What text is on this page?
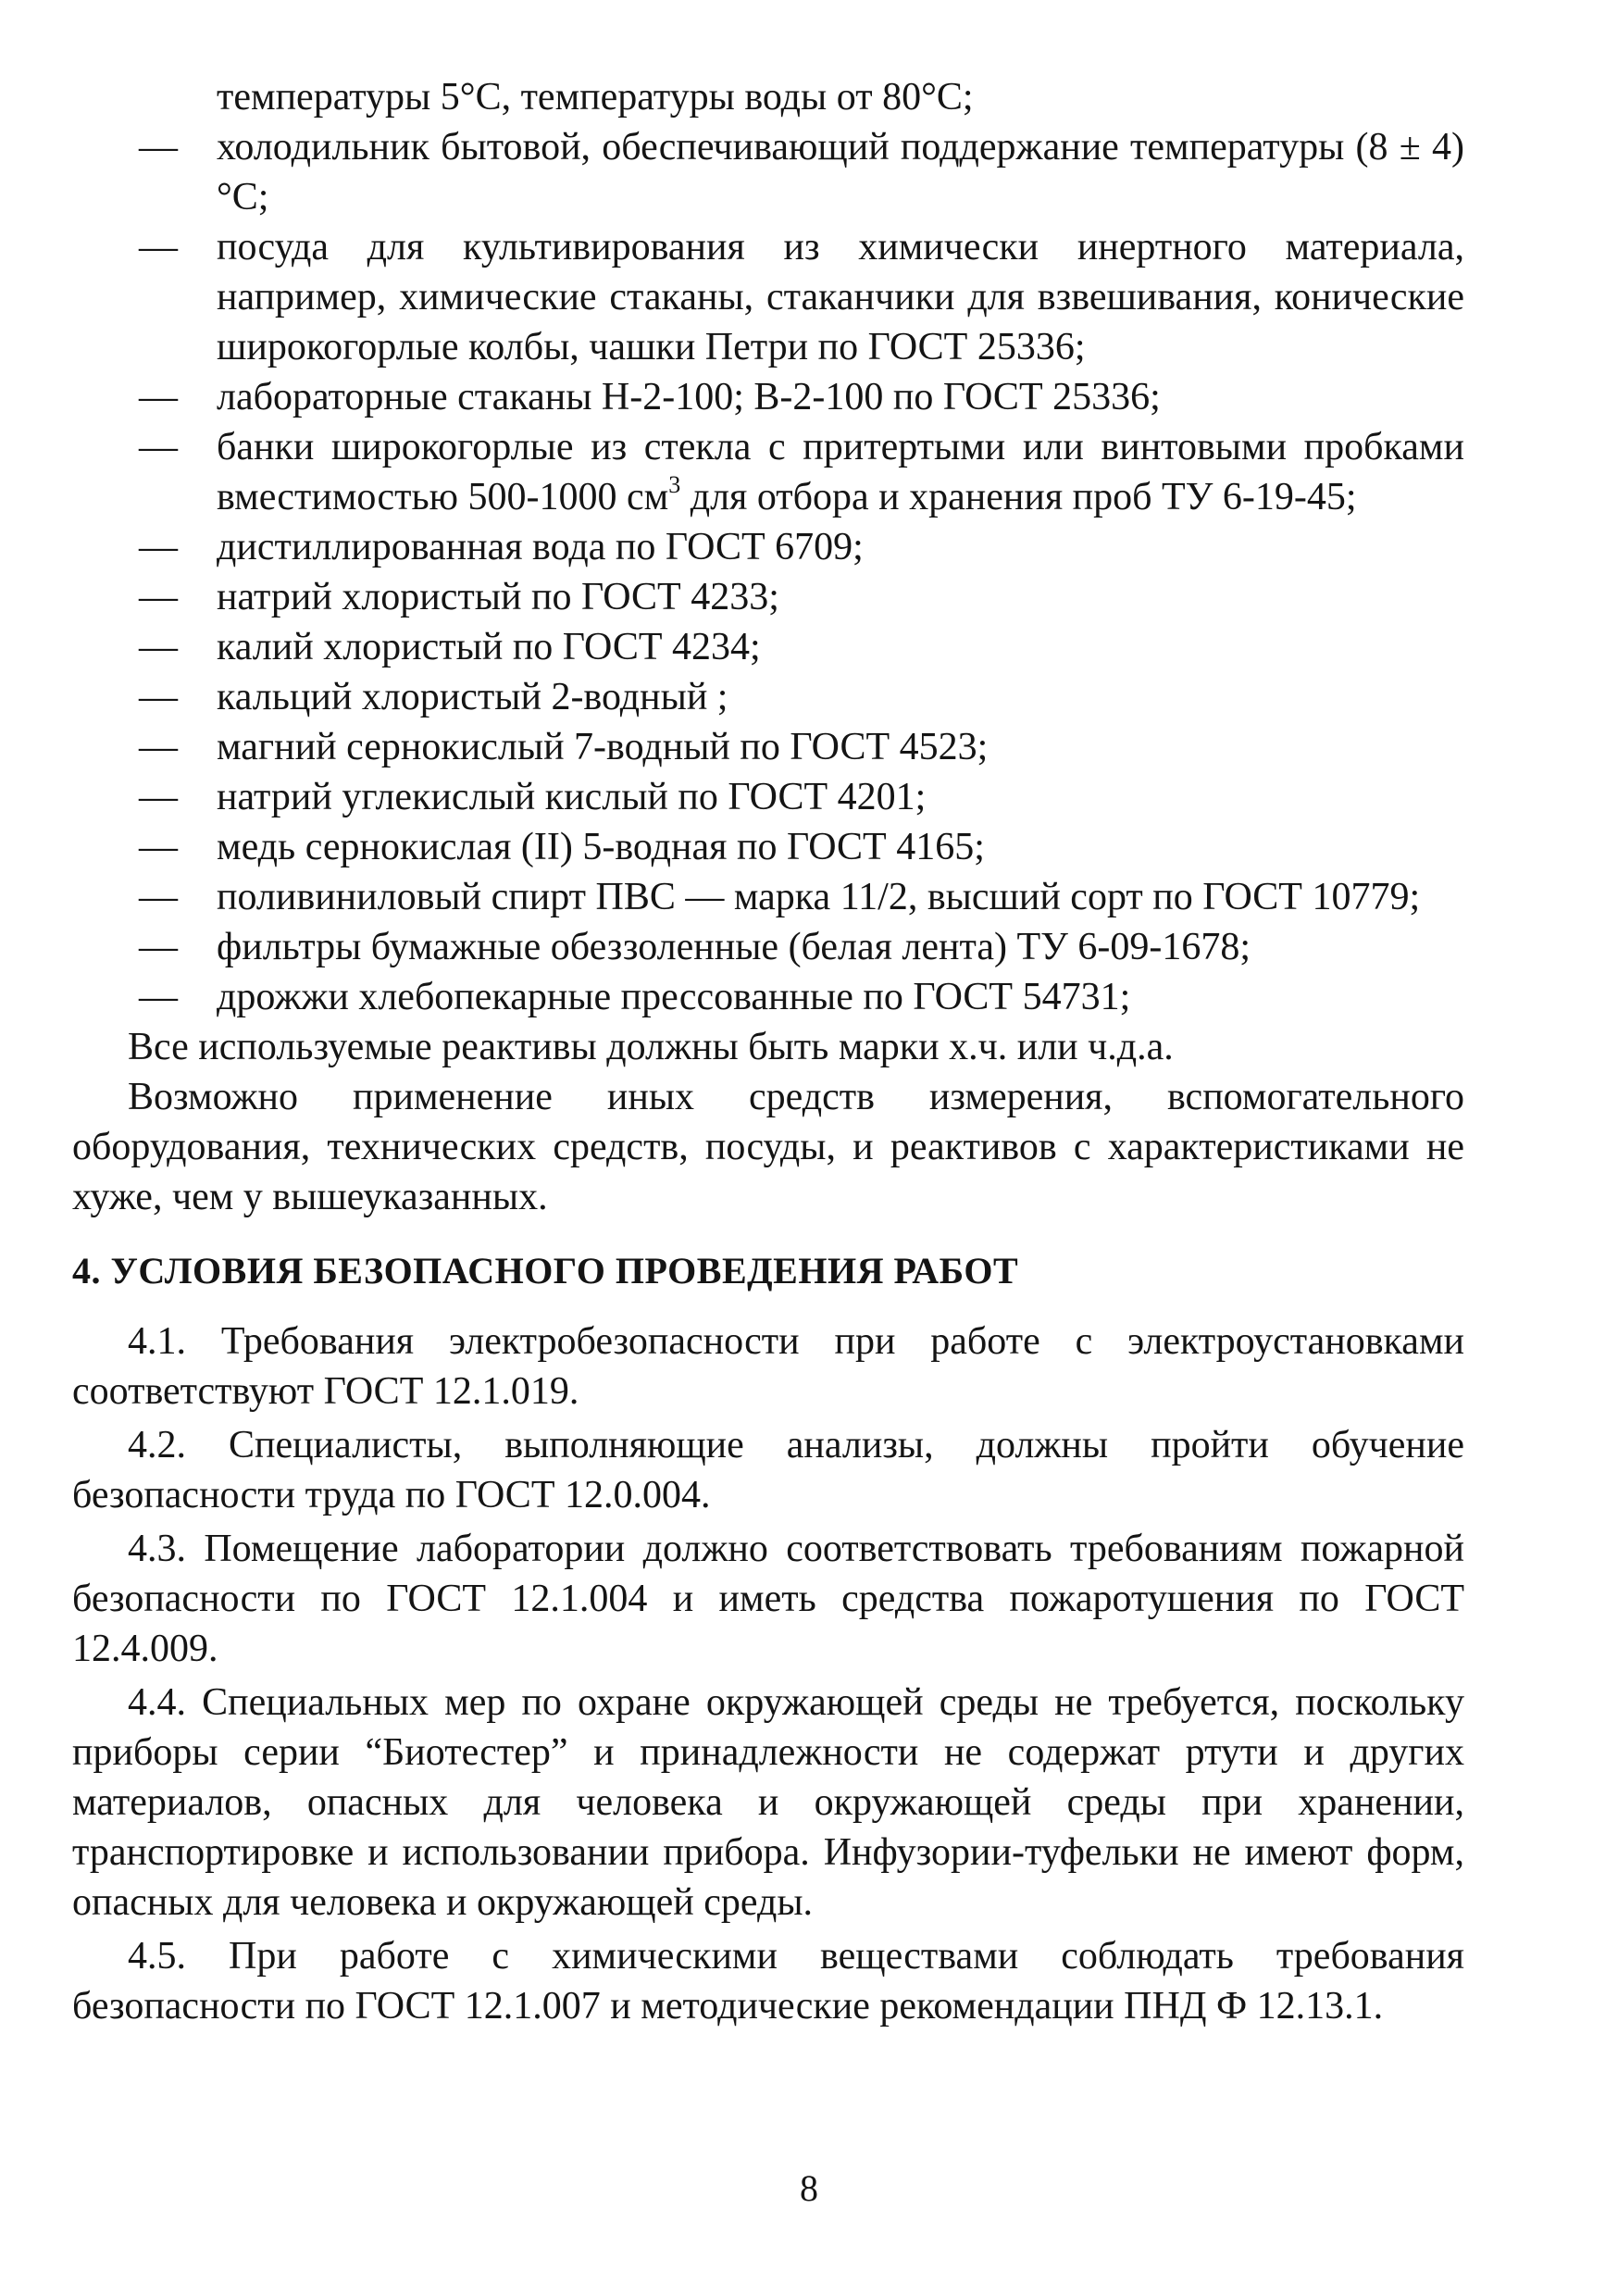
температуры 5°С, температуры воды от 80°С;

—	холодильник бытовой, обеспечивающий поддержание температуры (8 ± 4)°С;

—	посуда для культивирования из химически инертного материала, например, химические стаканы, стаканчики для взвешивания, конические широкогорлые колбы, чашки Петри по ГОСТ 25336;

—	лабораторные стаканы Н-2-100; В-2-100 по ГОСТ 25336;

—	банки широкогорлые из стекла с притертыми или винтовыми пробками вместимостью 500-1000 $см^3$ для отбора и хранения проб ТУ 6-19-45;

—	дистиллированная вода по ГОСТ 6709;

—	натрий хлористый по ГОСТ 4233;

—	калий хлористый по ГОСТ 4234;

—	кальций хлористый 2-водный ;

—	магний сернокислый 7-водный по ГОСТ 4523;

—	натрий углекислый кислый по ГОСТ 4201;

—	медь сернокислая (II) 5-водная по ГОСТ 4165;

—	поливиниловый спирт ПВС — марка 11/2, высший сорт по ГОСТ 10779;

—	фильтры бумажные обеззоленные (белая лента) ТУ 6-09-1678;

—	дрожжи хлебопекарные прессованные по ГОСТ 54731;

Все используемые реактивы должны быть марки х.ч. или ч.д.а.

Возможно применение иных средств измерения, вспомогательного оборудования, технических средств, посуды, и реактивов с характеристиками не хуже, чем у вышеуказанных.

4. УСЛОВИЯ БЕЗОПАСНОГО ПРОВЕДЕНИЯ РАБОТ

4.1. Требования электробезопасности при работе с электроустановками соответствуют ГОСТ 12.1.019.

4.2. Специалисты, выполняющие анализы, должны пройти обучение безопасности труда по ГОСТ 12.0.004.

4.3. Помещение лаборатории должно соответствовать требованиям пожарной безопасности по ГОСТ 12.1.004 и иметь средства пожаротушения по ГОСТ 12.4.009.

4.4. Специальных мер по охране окружающей среды не требуется, поскольку приборы серии “Биотестер” и принадлежности не содержат ртути и других материалов, опасных для человека и окружающей среды при хранении, транспортировке и использовании прибора. Инфузории-туфельки не имеют форм, опасных для человека и окружающей среды.

4.5. При работе с химическими веществами соблюдать требования безопасности по ГОСТ 12.1.007 и методические рекомендации ПНД Ф 12.13.1.

8
